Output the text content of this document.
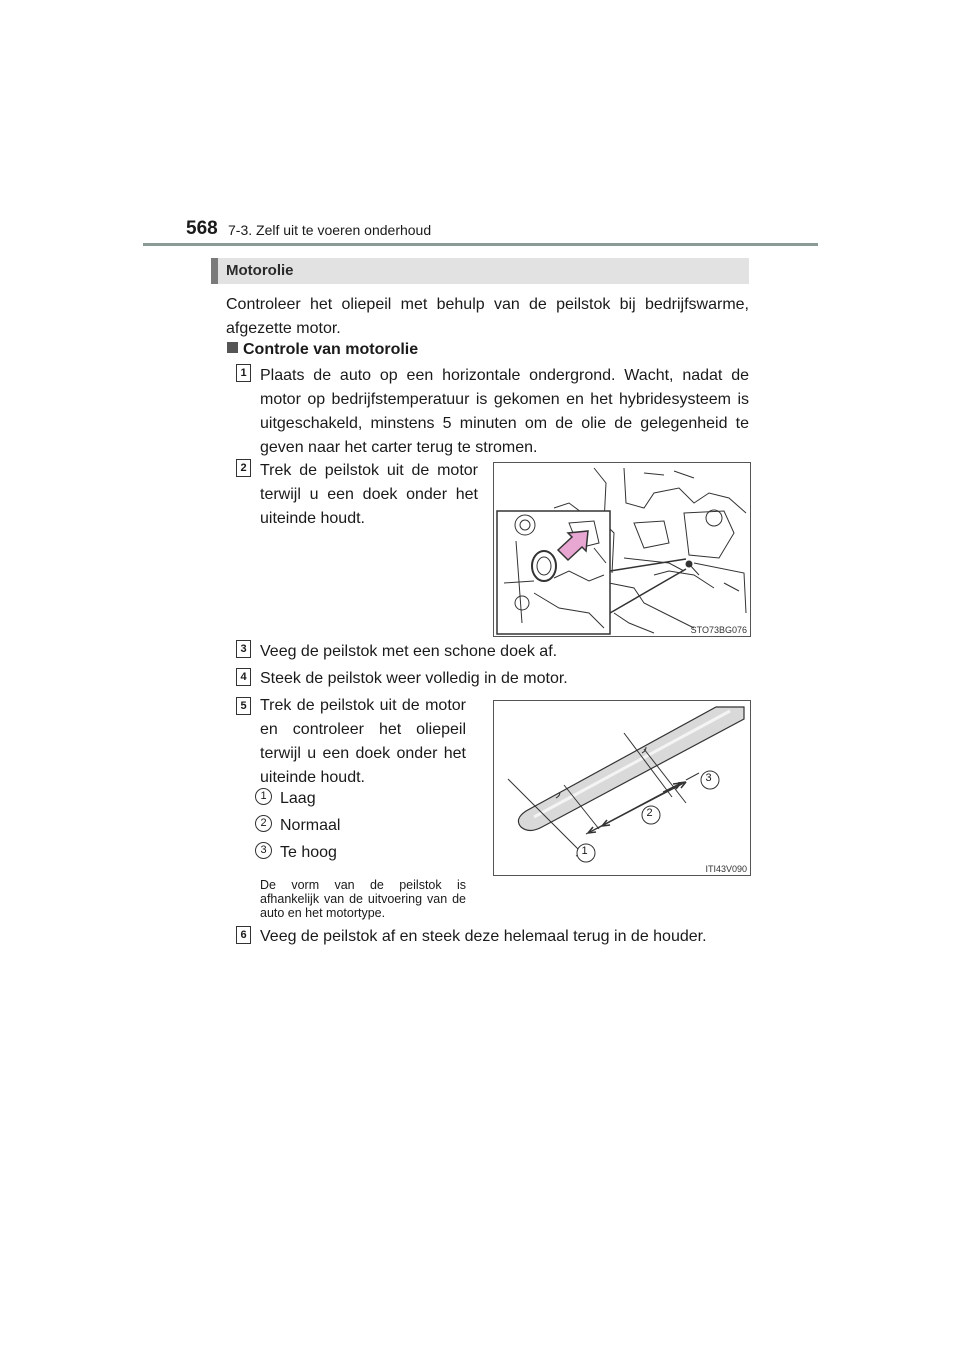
568 7-3. Zelf uit te voeren onderhoud
Motorolie
Controleer het oliepeil met behulp van de peilstok bij bedrijfswarme, afgezette motor.
Controle van motorolie
1 Plaats de auto op een horizontale ondergrond. Wacht, nadat de motor op bedrijfstemperatuur is gekomen en het hybridesysteem is uitgeschakeld, minstens 5 minuten om de olie de gelegenheid te geven naar het carter terug te stromen.
2 Trek de peilstok uit de motor terwijl u een doek onder het uiteinde houdt.
STO73BG076
3 Veeg de peilstok met een schone doek af.
4 Steek de peilstok weer volledig in de motor.
5 Trek de peilstok uit de motor en controleer het oliepeil terwijl u een doek onder het uiteinde houdt.
1 Laag
2 Normaal
3 Te hoog
De vorm van de peilstok is afhankelijk van de uitvoering van de auto en het motortype.
3
2
1
ITI43V090
6 Veeg de peilstok af en steek deze helemaal terug in de houder.
